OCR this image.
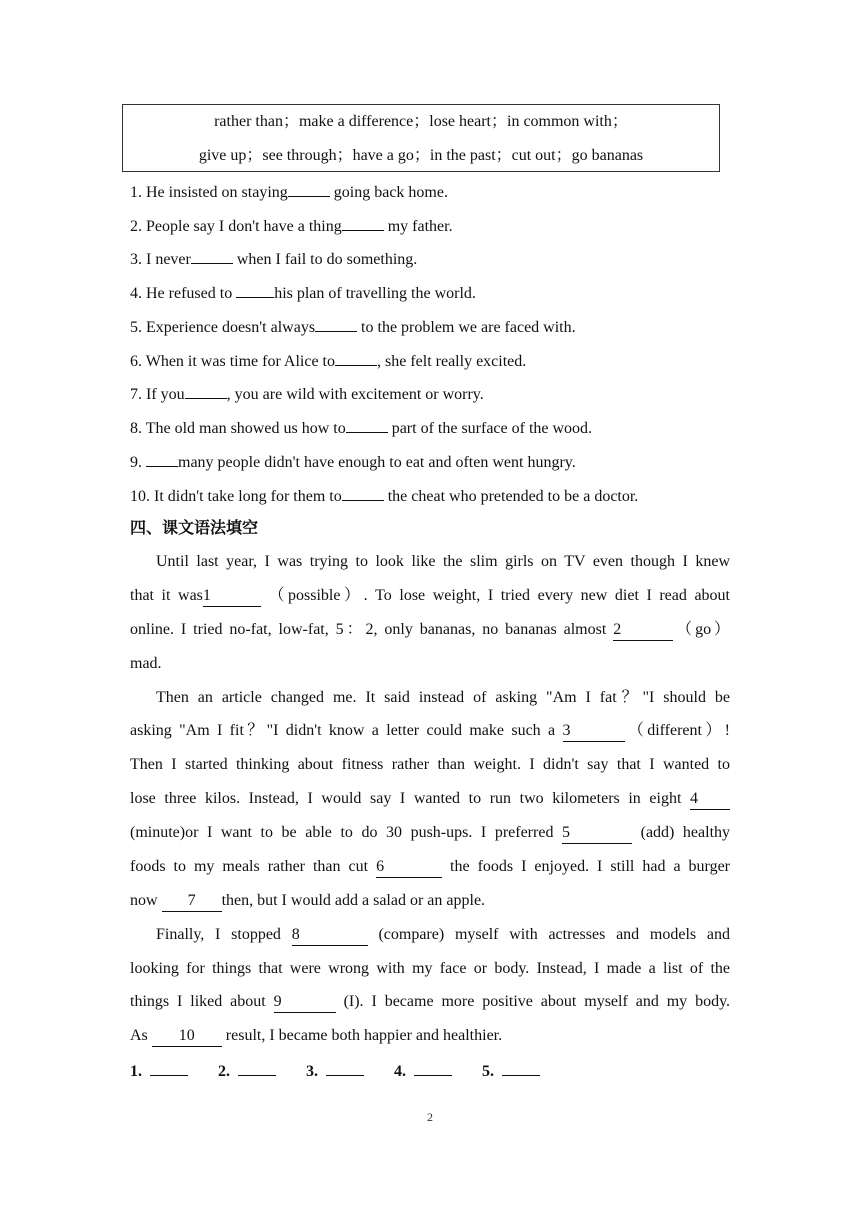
rather than；make a difference；lose heart；in common with；
give up；see through；have a go；in the past；cut out；go bananas
1. He insisted on staying	going back home.
2. People say I don't have a thing	my father.
3. I never	when I fail to do something.
4. He refused to his plan of travelling the world.
5. Experience doesn't always	to the problem we are faced with.
6. When it was time for Alice to	, she felt really excited.
7. If you	, you are wild with excitement or worry.
8. The old man showed us how to	part of the surface of the wood.
9. many people didn't have enough to eat and often went hungry.
10. It didn't take long for them to	the cheat who pretended to be a doctor.
四、课文语法填空
Until last year, I was trying to look like the slim girls on TV even though I knew
that it was1	（possible）. To lose weight, I tried every new diet I read about
online. I tried no-fat, low-fat, 5：2, only bananas, no bananas almost 2	（go）
mad.
Then an article changed me. It said instead of asking "Am I fat？"I should be
asking "Am I fit？"I didn't know a letter could make such a 3	（different）!
Then I started thinking about fitness rather than weight. I didn't say that I wanted to
lose three kilos. Instead, I would say I wanted to run two kilometers in eight 4
(minute)or I want to be able to do 30 push-ups. I preferred 5	(add) healthy
foods to my meals rather than cut 6	the foods I enjoyed. I still had a burger
now 7 then, but I would add a salad or an apple.
Finally, I stopped 8	(compare) myself with actresses and models and
looking for things that were wrong with my face or body. Instead, I made a list of the
things I liked about 9	(I). I became more positive about myself and my body.
As 10 result, I became both happier and healthier.
1.	2.	3.	4.	5.
2
